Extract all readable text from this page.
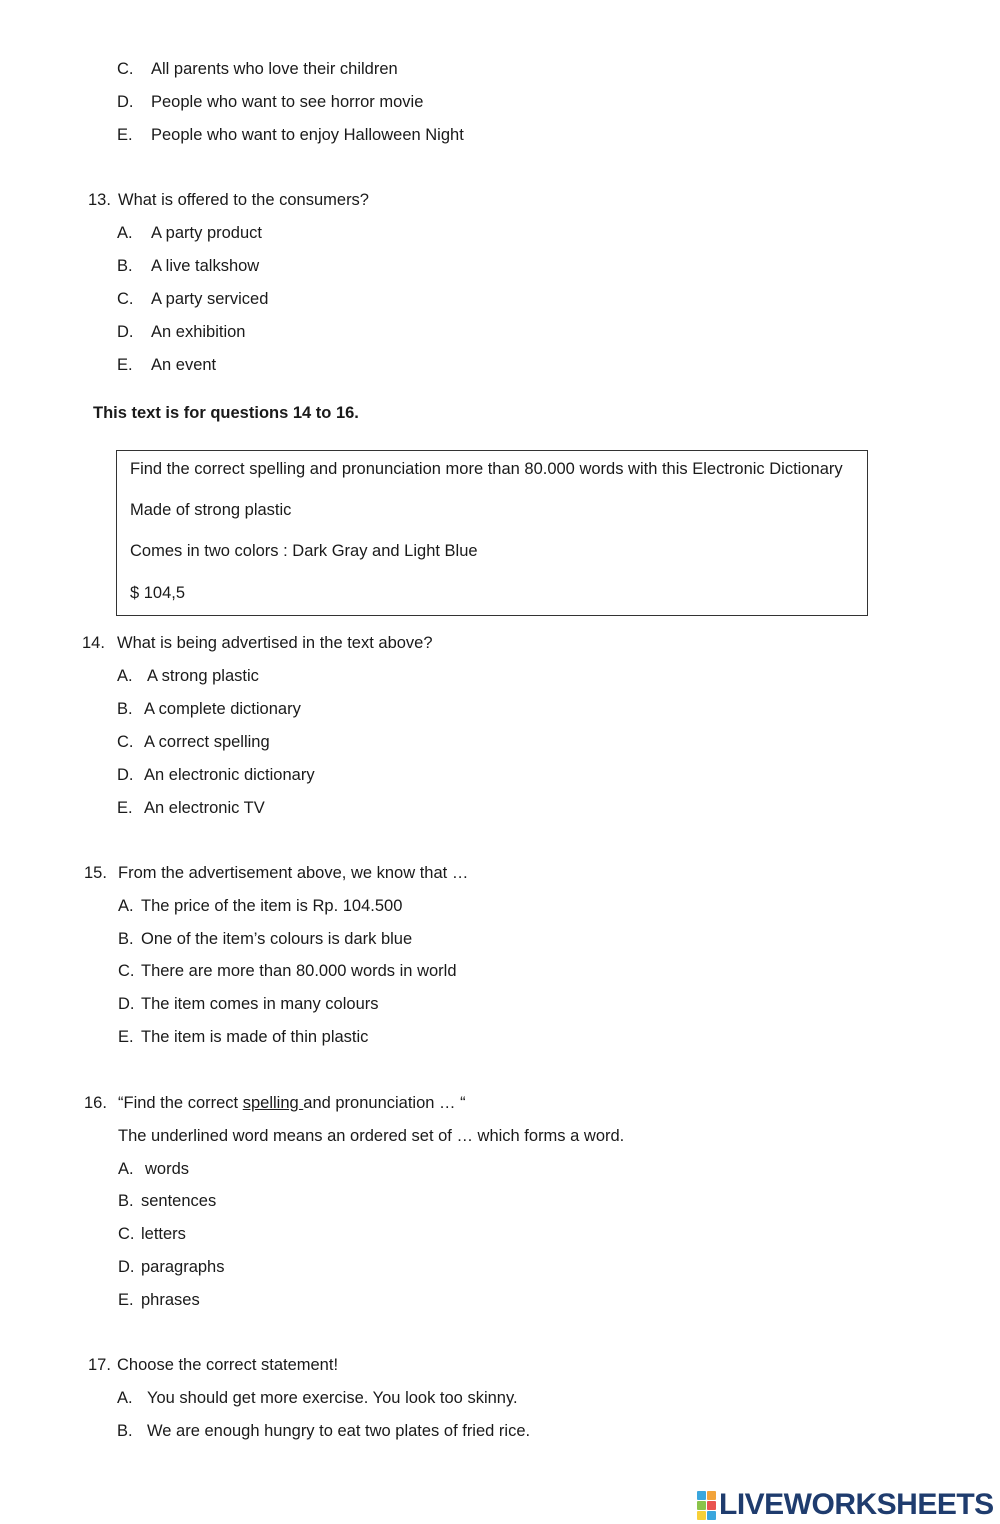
C. All parents who love their children
D. People who want to see horror movie
E. People who want to enjoy Halloween Night
13. What is offered to the consumers?
A. A party product
B. A live talkshow
C. A party serviced
D. An exhibition
E. An event
This text is for questions 14 to 16.
Find the correct spelling and pronunciation more than 80.000 words with this Electronic Dictionary
Made of strong plastic
Comes in two colors : Dark Gray and Light Blue
$ 104,5
14. What is being advertised in the text above?
A. A strong plastic
B. A complete dictionary
C. A correct spelling
D. An electronic dictionary
E. An electronic TV
15. From the advertisement above, we know that …
A. The price of the item is Rp. 104.500
B. One of the item’s colours is dark blue
C. There are more than 80.000 words in world
D. The item comes in many colours
E. The item is made of thin plastic
16. “Find the correct spelling and pronunciation … “
The underlined word means an ordered set of … which forms a word.
A. words
B. sentences
C. letters
D. paragraphs
E. phrases
17. Choose the correct statement!
A. You should get more exercise. You look too skinny.
B. We are enough hungry to eat two plates of fried rice.
LIVEWORKSHEETS
